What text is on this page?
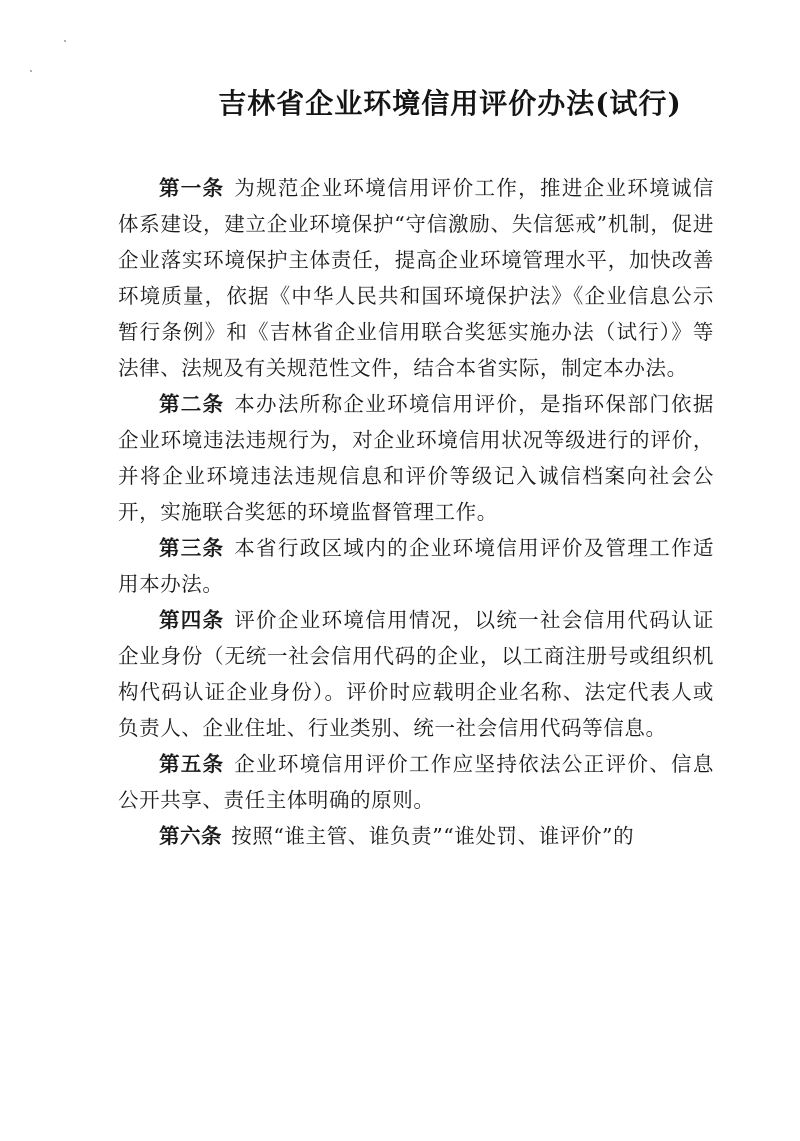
吉林省企业环境信用评价办法(试行)

第一条 为规范企业环境信用评价工作，推进企业环境诚信体系建设，建立企业环境保护“守信激励、失信惩戒”机制，促进企业落实环境保护主体责任，提高企业环境管理水平，加快改善环境质量，依据《中华人民共和国环境保护法》《企业信息公示暂行条例》和《吉林省企业信用联合奖惩实施办法（试行）》等法律、法规及有关规范性文件，结合本省实际，制定本办法。

第二条 本办法所称企业环境信用评价，是指环保部门依据企业环境违法违规行为，对企业环境信用状况等级进行的评价，并将企业环境违法违规信息和评价等级记入诚信档案向社会公开，实施联合奖惩的环境监督管理工作。

第三条 本省行政区域内的企业环境信用评价及管理工作适用本办法。

第四条 评价企业环境信用情况，以统一社会信用代码认证企业身份（无统一社会信用代码的企业，以工商注册号或组织机构代码认证企业身份）。评价时应载明企业名称、法定代表人或负责人、企业住址、行业类别、统一社会信用代码等信息。

第五条 企业环境信用评价工作应坚持依法公正评价、信息公开共享、责任主体明确的原则。

第六条 按照“谁主管、谁负责”“谁处罚、谁评价”的
